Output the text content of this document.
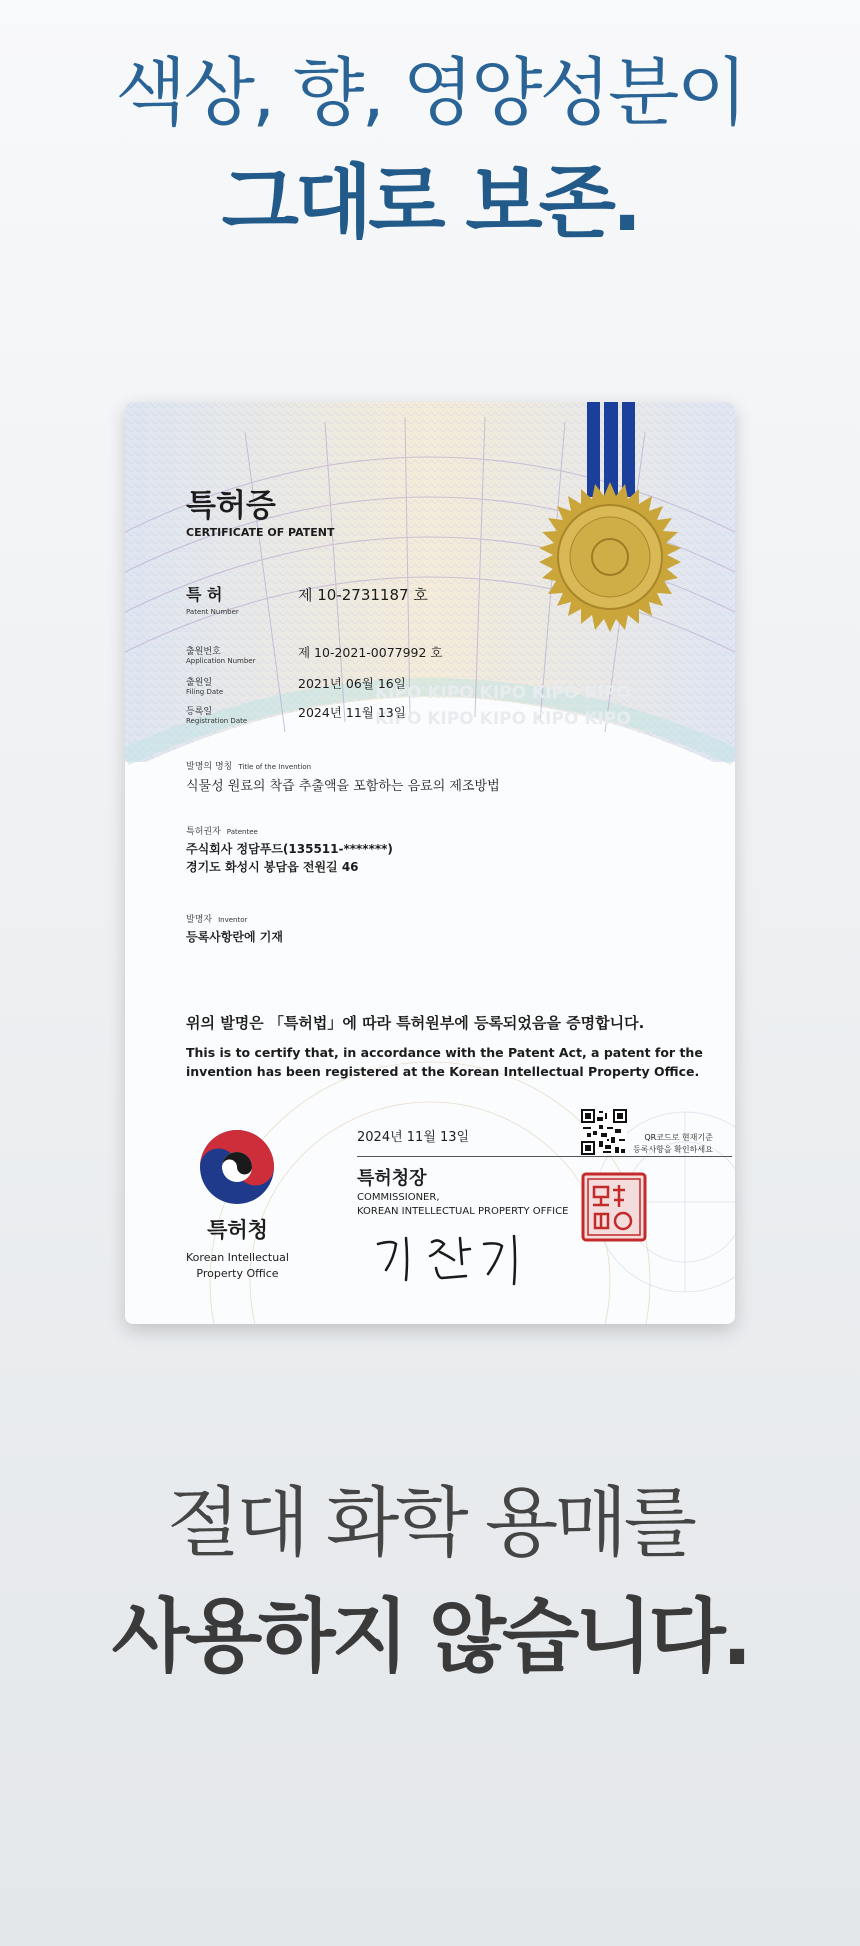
색상, 향, 영양성분이
그대로 보존.
KIPO KIPO KIPO KIPO KIPO
KIPO KIPO KIPO KIPO KIPO
특허증
CERTIFICATE OF PATENT
특 허
Patent Number
제 10-2731187 호
출원번호
Application Number
제 10-2021-0077992 호
출원일
Filing Date
2021년 06월 16일
등록일
Registration Date
2024년 11월 13일
발명의 명칭 Title of the Invention
식물성 원료의 착즙 추출액을 포함하는 음료의 제조방법
특허권자 Patentee
주식회사 정담푸드(135511-*******)
경기도 화성시 봉담읍 전원길 46
발명자 Inventor
등록사항란에 기재
위의 발명은 「특허법」에 따라 특허원부에 등록되었음을 증명합니다.
This is to certify that, in accordance with the Patent Act, a patent for the
invention has been registered at the Korean Intellectual Property Office.
특허청
Korean Intellectual
Property Office
2024년 11월 13일	QR코드로 현재기준
등록사항을 확인하세요
특허청장
COMMISSIONER,
KOREAN INTELLECTUAL PROPERTY OFFICE
절대 화학 용매를
사용하지 않습니다.
